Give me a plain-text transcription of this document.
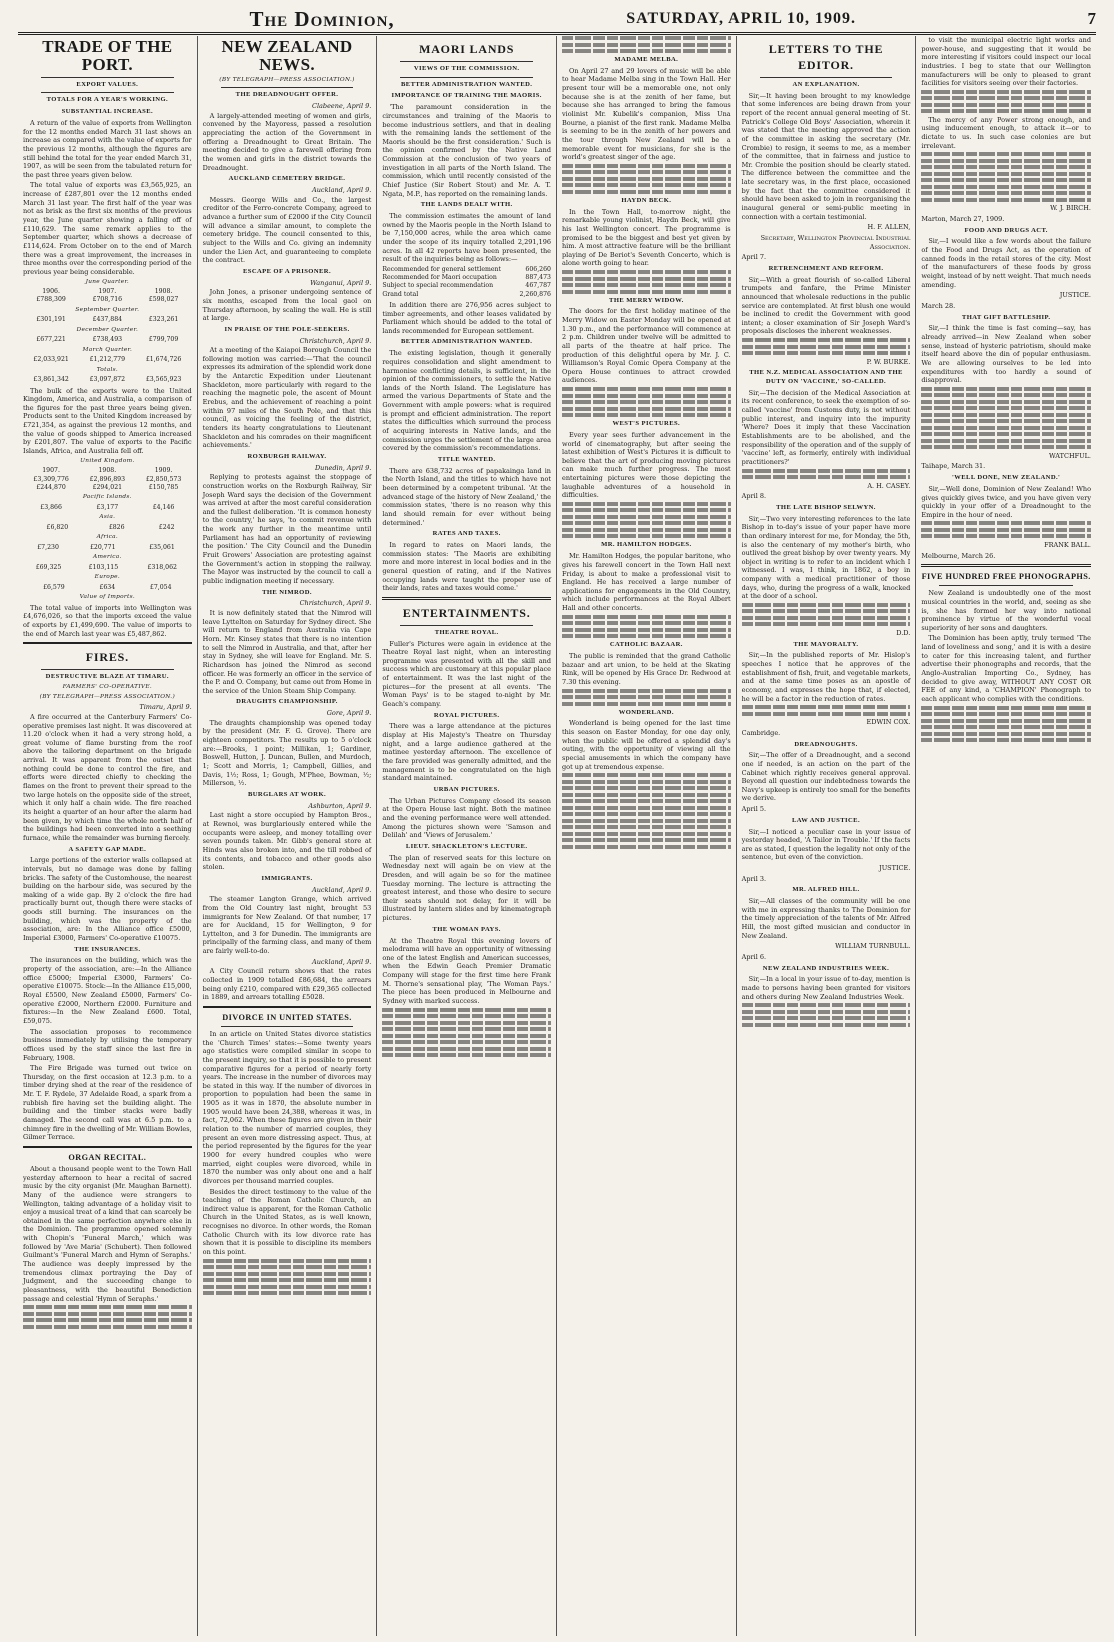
The Dominion,	SATURDAY, APRIL 10, 1909.	7
TRADE OF THE PORT.
EXPORT VALUES.
TOTALS FOR A YEAR'S WORKING.
SUBSTANTIAL INCREASE.

A return of the value of exports from Wellington for the 12 months ended March 31 last shows an increase as compared with the value of exports for the previous 12 months, although the figures are still behind the total for the year ended March 31, 1907, as will be seen from the tabulated return for the past three years given below.

The total value of exports was £3,565,925, an increase of £287,801 over the 12 months ended March 31 last year. The first half of the year was not as brisk as the first six months of the previous year, the June quarter showing a falling off of £110,629. The same remark applies to the September quarter, which shows a decrease of £114,624. From October on to the end of March there was a great improvement, the increases in three months over the corresponding period of the previous year being considerable.

June Quarter.
1906.	1907.	1908.
£788,309	£708,716	£598,027
September Quarter.
£301,191	£437,884	£323,261
December Quarter.
£677,221	£738,493	£799,709
March Quarter.
£2,033,921	£1,212,779	£1,674,726
Totals.
£3,861,342	£3,097,872	£3,565,923

The bulk of the exports were to the United Kingdom, America, and Australia, a comparison of the figures for the past three years being given. Products sent to the United Kingdom increased by £721,354, as against the previous 12 months, and the value of goods shipped to America increased by £201,807. The value of exports to the Pacific Islands, Africa, and Australia fell off.

United Kingdom.
1907.	1908.	1909.
£3,309,776	£2,896,893	£2,850,573
£244,870	£294,021	£150,785
Pacific Islands.
£3,866	£3,177	£4,146
Asia.
£6,820	£826	£242
Africa.
£7,230	£20,771	£35,061
America.
£69,325	£103,115	£318,062
Europe.
£6,579	£634	£7,054
Value of Imports.

The total value of imports into Wellington was £4,676,026, so that the imports exceed the value of exports by £1,499,690. The value of imports to the end of March last year was £5,487,862.

FIRES.
DESTRUCTIVE BLAZE AT TIMARU.
FARMERS' CO-OPERATIVE.
(BY TELEGRAPH—PRESS ASSOCIATION.)
Timaru, April 9.

A fire occurred at the Canterbury Farmers' Co-operative premises last night. It was discovered at 11.20 o'clock when it had a very strong hold, a great volume of flame bursting from the roof above the tailoring department on the brigade arrival. It was apparent from the outset that nothing could be done to control the fire, and efforts were directed chiefly to checking the flames on the front to prevent their spread to the two large hotels on the opposite side of the street, which it only half a chain wide. The fire reached its height a quarter of an hour after the alarm had been given, by which time the whole north half of the buildings had been converted into a seething furnace, while the remainder was burning fiercely.

A SAFETY GAP MADE.

Large portions of the exterior walls collapsed at intervals, but no damage was done by falling bricks. The safety of the Customhouse, the nearest building on the harbour side, was secured by the making of a wide gap. By 2 o'clock the fire had practically burnt out, though there were stacks of goods still burning. The insurances on the building, which was the property of the association, are: In the Alliance office £5000, Imperial £3000, Farmers' Co-operative £10075.

THE INSURANCES.

The insurances on the building, which was the property of the association, are:—In the Alliance office £5000; Imperial £3000, Farmers' Co-operative £10075. Stock:—In the Alliance £15,000, Royal £5500, New Zealand £5000, Farmers' Co-operative £2000, Northern £2000. Furniture and fixtures:—In the New Zealand £600. Total, £59,075.

The association proposes to recommence business immediately by utilising the temporary offices used by the staff since the last fire in February, 1908.

The Fire Brigade was turned out twice on Thursday, on the first occasion at 12.3 p.m. to a timber drying shed at the rear of the residence of Mr. T. F. Rydele, 37 Adelaide Road, a spark from a rubbish fire having set the building alight. The building and the timber stacks were badly damaged. The second call was at 6.5 p.m. to a chimney fire in the dwelling of Mr. William Bowles, Gilmer Terrace.

ORGAN RECITAL.

About a thousand people went to the Town Hall yesterday afternoon to hear a recital of sacred music by the city organist (Mr. Maughan Barnett). Many of the audience were strangers to Wellington, taking advantage of a holiday visit to enjoy a musical treat of a kind that can scarcely be obtained in the same perfection anywhere else in the Dominion. The programme opened solemnly with Chopin's 'Funeral March,' which was followed by 'Ave Maria' (Schubert). Then followed Guilmant's 'Funeral March and Hymn of Seraphs.' The audience was deeply impressed by the tremendous climax portraying the Day of Judgment, and the succeeding change to pleasantness, with the beautiful Benediction passage and celestial 'Hymn of Seraphs.'

NEW ZEALAND NEWS.
(BY TELEGRAPH—PRESS ASSOCIATION.)
THE DREADNOUGHT OFFER.
Clabeene, April 9.

A largely-attended meeting of women and girls, convened by the Mayoress, passed a resolution appreciating the action of the Government in offering a Dreadnought to Great Britain. The meeting decided to give a farewell offering from the women and girls in the district towards the Dreadnought.

AUCKLAND CEMETERY BRIDGE.
Auckland, April 9.

Messrs. George Wills and Co., the largest creditor of the Ferro-concrete Company, agreed to advance a further sum of £2000 if the City Council will advance a similar amount, to complete the cemetery bridge. The council consented to this, subject to the Wills and Co. giving an indemnity under the Lien Act, and guaranteeing to complete the contract.

ESCAPE OF A PRISONER.
Wanganui, April 9.

John Jones, a prisoner undergoing sentence of six months, escaped from the local gaol on Thursday afternoon, by scaling the wall. He is still at large.

IN PRAISE OF THE POLE-SEEKERS.
Christchurch, April 9.

At a meeting of the Kaiapoi Borough Council the following motion was carried:—'That the council expresses its admiration of the splendid work done by the Antarctic Expedition under Lieutenant Shackleton, more particularly with regard to the reaching the magnetic pole, the ascent of Mount Erebus, and the achievement of reaching a point within 97 miles of the South Pole, and that this council, as voicing the feeling of the district, tenders its hearty congratulations to Lieutenant Shackleton and his comrades on their magnificent achievements.'

ROXBURGH RAILWAY.
Dunedin, April 9.

Replying to protests against the stoppage of construction works on the Roxburgh Railway, Sir Joseph Ward says the decision of the Government was arrived at after the most careful consideration and the fullest deliberation. 'It is common honesty to the country,' he says, 'to commit revenue with the work any further in the meantime until Parliament has had an opportunity of reviewing the position.' The City Council and the Dunedin Fruit Growers' Association are protesting against the Government's action in stopping the railway. The Mayor was instructed by the council to call a public indignation meeting if necessary.

THE NIMROD.
Christchurch, April 9.

It is now definitely stated that the Nimrod will leave Lyttelton on Saturday for Sydney direct. She will return to England from Australia via Cape Horn. Mr. Kinsey states that there is no intention to sell the Nimrod in Australia, and that, after her stay in Sydney, she will leave for England. Mr. S. Richardson has joined the Nimrod as second officer. He was formerly an officer in the service of the P. and O. Company, but came out from Home in the service of the Union Steam Ship Company.

DRAUGHTS CHAMPIONSHIP.
Gore, April 9.

The draughts championship was opened today by the president (Mr. F. G. Grove). There are eighteen competitors. The results up to 5 o'clock are:—Brooks, 1 point; Millikan, 1; Gardiner, Boswell, Hutton, J. Duncan, Bullen, and Murdoch, 1; Scott and Morris, 1; Campbell, Gillies, and Davis, 1½; Ross, 1; Gough, M'Phee, Bowman, ½; Millerson, ½.

BURGLARS AT WORK.
Ashburton, April 9.

Last night a store occupied by Hampton Bros., at Rewnoi, was burglariously entered while the occupants were asleep, and money totalling over seven pounds taken. Mr. Gibb's general store at Hinds was also broken into, and the till robbed of its contents, and tobacco and other goods also stolen.

IMMIGRANTS.
Auckland, April 9.

The steamer Langton Grange, which arrived from the Old Country last night, brought 53 immigrants for New Zealand. Of that number, 17 are for Auckland, 15 for Wellington, 9 for Lyttelton, and 3 for Dunedin. The immigrants are principally of the farming class, and many of them are fairly well-to-do.

Auckland, April 9.

A City Council return shows that the rates collected in 1909 totalled £86,684, the arrears being only £210, compared with £29,365 collected in 1889, and arrears totalling £5028.

DIVORCE IN UNITED STATES.

In an article on United States divorce statistics the 'Church Times' states:—Some twenty years ago statistics were compiled similar in scope to the present inquiry, so that it is possible to present comparative figures for a period of nearly forty years. The increase in the number of divorces may be stated in this way. If the number of divorces in proportion to population had been the same in 1905 as it was in 1870, the absolute number in 1905 would have been 24,388, whereas it was, in fact, 72,062. When these figures are given in their relation to the number of married couples, they present an even more distressing aspect. Thus, at the period represented by the figures for the year 1900 for every hundred couples who were married, eight couples were divorced, while in 1870 the number was only about one and a half divorces per thousand married couples.

Besides the direct testimony to the value of the teaching of the Roman Catholic Church, an indirect value is apparent, for the Roman Catholic Church in the United States, as is well known, recognises no divorce. In other words, the Roman Catholic Church with its low divorce rate has shown that it is possible to discipline its members on this point.

MAORI LANDS
VIEWS OF THE COMMISSION.
BETTER ADMINISTRATION WANTED.
IMPORTANCE OF TRAINING THE MAORIS.

'The paramount consideration in the circumstances and training of the Maoris to become industrious settlers, and that in dealing with the remaining lands the settlement of the Maoris should be the first consideration.' Such is the opinion confirmed by the Native Land Commission at the conclusion of two years of investigation in all parts of the North Island. The commission, which until recently consisted of the Chief Justice (Sir Robert Stout) and Mr. A. T. Ngata, M.P., has reported on the remaining lands.

THE LANDS DEALT WITH.

The commission estimates the amount of land owned by the Maoris people in the North Island to be 7,150,000 acres, while the area which came under the scope of its inquiry totalled 2,291,196 acres. In all 42 reports have been presented, the result of the inquiries being as follows:—

Recommended for general settlement	606,260
Recommended for Maori occupation	887,473
Subject to special recommendation	467,787
Grand total	2,260,876

In addition there are 276,956 acres subject to timber agreements, and other leases validated by Parliament which should be added to the total of lands recommended for European settlement.

BETTER ADMINISTRATION WANTED.

The existing legislation, though it generally requires consolidation and slight amendment to harmonise conflicting details, is sufficient, in the opinion of the commissioners, to settle the Native lands of the North Island. The Legislature has armed the various Departments of State and the Government with ample powers: what is required is prompt and efficient administration. The report states the difficulties which surround the process of acquiring interests in Native lands, and the commission urges the settlement of the large area covered by the commission's recommendations.

TITLE WANTED.

There are 638,732 acres of papakainga land in the North Island, and the titles to which have not been determined by a competent tribunal. 'At the advanced stage of the history of New Zealand,' the commission states, 'there is no reason why this land should remain for ever without being determined.'

RATES AND TAXES.

In regard to rates on Maori lands, the commission states: 'The Maoris are exhibiting more and more interest in local bodies and in the general question of rating, and if the Natives occupying lands were taught the proper use of their lands, rates and taxes would come.'

ENTERTAINMENTS.
THEATRE ROYAL.

Fuller's Pictures were again in evidence at the Theatre Royal last night, when an interesting programme was presented with all the skill and success which are customary at this popular place of entertainment. It was the last night of the pictures—for the present at all events. 'The Woman Pays' is to be staged to-night by Mr. Geach's company.

ROYAL PICTURES.

There was a large attendance at the pictures display at His Majesty's Theatre on Thursday night, and a large audience gathered at the matinee yesterday afternoon. The excellence of the fare provided was generally admitted, and the management is to be congratulated on the high standard maintained.

URBAN PICTURES.

The Urban Pictures Company closed its season at the Opera House last night. Both the matinee and the evening performance were well attended. Among the pictures shown were 'Samson and Delilah' and 'Views of Jerusalem.'

LIEUT. SHACKLETON'S LECTURE.

The plan of reserved seats for this lecture on Wednesday next will again be on view at the Dresden, and will again be so for the matinee Tuesday morning. The lecture is attracting the greatest interest, and those who desire to secure their seats should not delay, for it will be illustrated by lantern slides and by kinematograph pictures.

THE WOMAN PAYS.

At the Theatre Royal this evening lovers of melodrama will have an opportunity of witnessing one of the latest English and American successes, when the Edwin Geach Premier Dramatic Company will stage for the first time here Frank M. Thorne's sensational play, 'The Woman Pays.' The piece has been produced in Melbourne and Sydney with marked success.

MADAME MELBA.

On April 27 and 29 lovers of music will be able to hear Madame Melba sing in the Town Hall. Her present tour will be a memorable one, not only because she is at the zenith of her fame, but because she has arranged to bring the famous violinist Mr. Kubelik's companion, Miss Una Bourne, a pianist of the first rank. Madame Melba is seeming to be in the zenith of her powers and the tour through New Zealand will be a memorable event for musicians, for she is the world's greatest singer of the age.

HAYDN BECK.

In the Town Hall, to-morrow night, the remarkable young violinist, Haydn Beck, will give his last Wellington concert. The programme is promised to be the biggest and best yet given by him. A most attractive feature will be the brilliant playing of De Beriot's Seventh Concerto, which is alone worth going to hear.

THE MERRY WIDOW.

The doors for the first holiday matinee of the Merry Widow on Easter Monday will be opened at 1.30 p.m., and the performance will commence at 2 p.m. Children under twelve will be admitted to all parts of the theatre at half price. The production of this delightful opera by Mr. J. C. Williamson's Royal Comic Opera Company at the Opera House continues to attract crowded audiences.

WEST'S PICTURES.

Every year sees further advancement in the world of cinematography, but after seeing the latest exhibition of West's Pictures it is difficult to believe that the art of producing moving pictures can make much further progress. The most entertaining pictures were those depicting the laughable adventures of a household in difficulties.

MR. HAMILTON HODGES.

Mr. Hamilton Hodges, the popular baritone, who gives his farewell concert in the Town Hall next Friday, is about to make a professional visit to England. He has received a large number of applications for engagements in the Old Country, which include performances at the Royal Albert Hall and other concerts.

CATHOLIC BAZAAR.

The public is reminded that the grand Catholic bazaar and art union, to be held at the Skating Rink, will be opened by His Grace Dr. Redwood at 7.30 this evening.

WONDERLAND.

Wonderland is being opened for the last time this season on Easter Monday, for one day only, when the public will be offered a splendid day's outing, with the opportunity of viewing all the special amusements in which the company have got up at tremendous expense.

LETTERS TO THE EDITOR.
AN EXPLANATION.

Sir,—It having been brought to my knowledge that some inferences are being drawn from your report of the recent annual general meeting of St. Patrick's College Old Boys' Association, wherein it was stated that the meeting approved the action of the committee in asking the secretary (Mr. Crombie) to resign, it seems to me, as a member of the committee, that in fairness and justice to Mr. Crombie the position should be clearly stated. The difference between the committee and the late secretary was, in the first place, occasioned by the fact that the committee considered it should have been asked to join in reorganising the inaugural general or semi-public meeting in connection with a certain testimonial.

H. F. ALLEN,
Secretary, Wellington Provincial Industrial Association.
April 7.
RETRENCHMENT AND REFORM.

Sir,—With a great flourish of so-called Liberal trumpets and fanfare, the Prime Minister announced that wholesale reductions in the public service are contemplated. At first blush one would be inclined to credit the Government with good intent; a closer examination of Sir Joseph Ward's proposals discloses the inherent weaknesses.

P. W. BURKE.
THE N.Z. MEDICAL ASSOCIATION AND THE DUTY ON 'VACCINE,' SO-CALLED.

Sir,—The decision of the Medical Association at its recent conference, to seek the exemption of so-called 'vaccine' from Customs duty, is not without public interest, and inquiry into the impurity 'Where? Does it imply that these Vaccination Establishments are to be abolished, and the responsibility of the operation and of the supply of 'vaccine' left, as formerly, entirely with individual practitioners?'

A. H. CASEY.
April 8.
THE LATE BISHOP SELWYN.

Sir,—Two very interesting references to the late Bishop in to-day's issue of your paper have more than ordinary interest for me, for Monday, the 5th, is also the centenary of my mother's birth, who outlived the great bishop by over twenty years. My object in writing is to refer to an incident which I witnessed. I was, I think, in 1862, a boy in company with a medical practitioner of those days, who, during the progress of a walk, knocked at the door of a school.

D.D.
THE MAYORALTY.

Sir,—In the published reports of Mr. Hislop's speeches I notice that he approves of the establishment of fish, fruit, and vegetable markets, and at the same time poses as an apostle of economy, and expresses the hope that, if elected, he will be a factor in the reduction of rates.

EDWIN COX.
Cambridge.
DREADNOUGHTS.

Sir,—The offer of a Dreadnought, and a second one if needed, is an action on the part of the Cabinet which rightly receives general approval. Beyond all question our indebtedness towards the Navy's upkeep is entirely too small for the benefits we derive.

April 5.
LAW AND JUSTICE.

Sir,—I noticed a peculiar case in your issue of yesterday headed, 'A Tailor in Trouble.' If the facts are as stated, I question the legality not only of the sentence, but even of the conviction.

JUSTICE.
April 3.
MR. ALFRED HILL.

Sir,—All classes of the community will be one with me in expressing thanks to The Dominion for the timely appreciation of the talents of Mr. Alfred Hill, the most gifted musician and conductor in New Zealand.

WILLIAM TURNBULL.
April 6.
NEW ZEALAND INDUSTRIES WEEK.

Sir,—In a local in your issue of to-day, mention is made to persons having been granted for visitors and others during New Zealand Industries Week.

to visit the municipal electric light works and power-house, and suggesting that it would be more interesting if visitors could inspect our local industries. I beg to state that our Wellington manufacturers will be only to pleased to grant facilities for visitors seeing over their factories.

The mercy of any Power strong enough, and using inducement enough, to attack it—or to dictate to us. In such case colonies are but irrelevant.

W. J. BIRCH.
Marton, March 27, 1909.
FOOD AND DRUGS ACT.

Sir,—I would like a few words about the failure of the Food and Drugs Act, as the operation of canned foods in the retail stores of the city. Most of the manufacturers of these foods by gross weight, instead of by nett weight. That much needs amending.

JUSTICE.
March 28.
THAT GIFT BATTLESHIP.

Sir,—I think the time is fast coming—say, has already arrived—in New Zealand when sober sense, instead of hysteric patriotism, should make itself heard above the din of popular enthusiasm. We are allowing ourselves to be led into expenditures with too hardly a sound of disapproval.

WATCHFUL.
Taihape, March 31.
'WELL DONE, NEW ZEALAND.'

Sir,—Well done, Dominion of New Zealand! Who gives quickly gives twice, and you have given very quickly in your offer of a Dreadnought to the Empire in the hour of need.

FRANK BALL.
Melbourne, March 26.
FIVE HUNDRED FREE PHONOGRAPHS.

New Zealand is undoubtedly one of the most musical countries in the world, and, seeing as she is, she has formed her way into national prominence by virtue of the wonderful vocal superiority of her sons and daughters.

The Dominion has been aptly, truly termed 'The land of loveliness and song,' and it is with a desire to cater for this increasing talent, and further advertise their phonographs and records, that the Anglo-Australian Importing Co., Sydney, has decided to give away, WITHOUT ANY COST OR FEE of any kind, a 'CHAMPION' Phonograph to each applicant who complies with the conditions.
